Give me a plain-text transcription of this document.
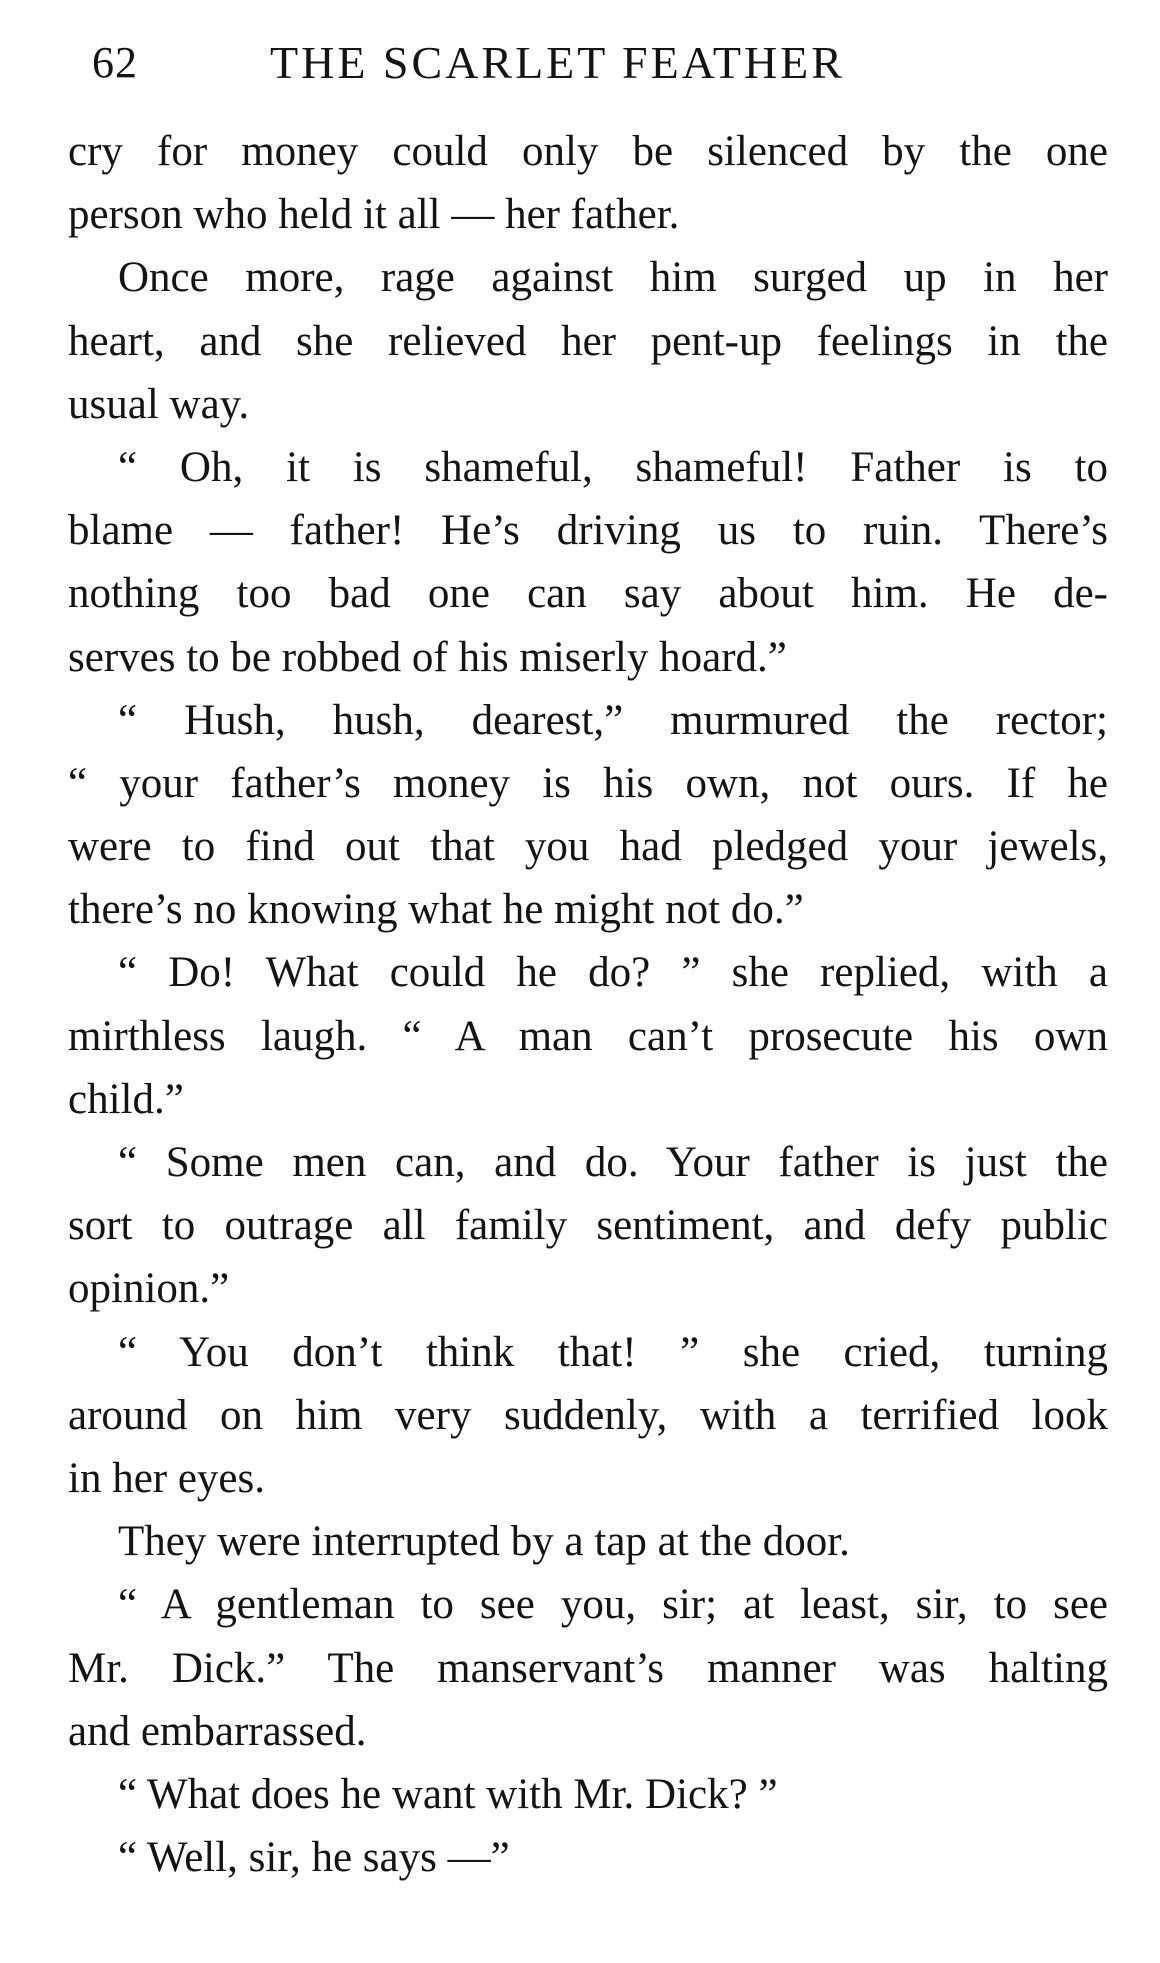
62	THE SCARLET FEATHER
cry for money could only be silenced by the one
person who held it all — her father.
Once more, rage against him surged up in her
heart, and she relieved her pent-up feelings in the
usual way.
“ Oh, it is shameful, shameful! Father is to
blame — father! He’s driving us to ruin. There’s
nothing too bad one can say about him. He de-
serves to be robbed of his miserly hoard.”
“ Hush, hush, dearest,” murmured the rector;
“ your father’s money is his own, not ours. If he
were to find out that you had pledged your jewels,
there’s no knowing what he might not do.”
“ Do! What could he do? ” she replied, with a
mirthless laugh. “ A man can’t prosecute his own
child.”
“ Some men can, and do. Your father is just the
sort to outrage all family sentiment, and defy public
opinion.”
“ You don’t think that! ” she cried, turning
around on him very suddenly, with a terrified look
in her eyes.
They were interrupted by a tap at the door.
“ A gentleman to see you, sir; at least, sir, to see
Mr. Dick.” The manservant’s manner was halting
and embarrassed.
“ What does he want with Mr. Dick? ”
“ Well, sir, he says —”
